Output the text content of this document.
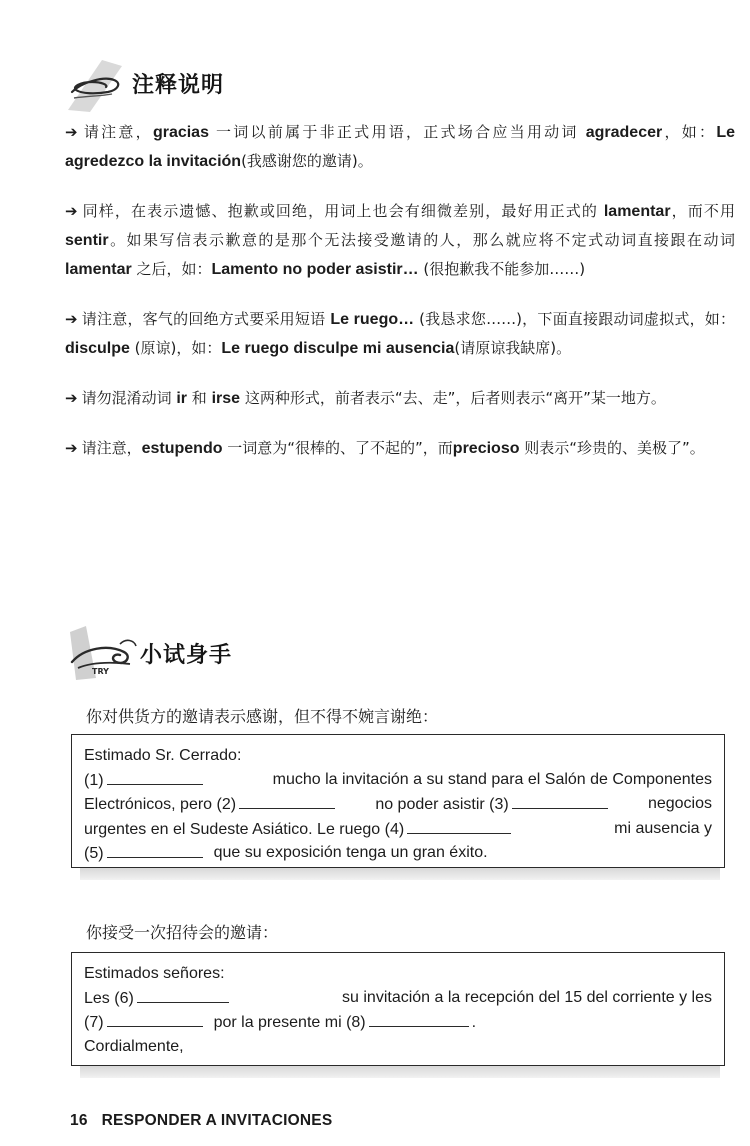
注释说明

➔ 请注意，gracias 一词以前属于非正式用语，正式场合应当用动词 agradecer，如：Le agredezco la invitación(我感谢您的邀请)。

➔ 同样，在表示遗憾、抱歉或回绝，用词上也会有细微差别，最好用正式的 lamentar，而不用sentir。如果写信表示歉意的是那个无法接受邀请的人，那么就应将不定式动词直接跟在动词 lamentar 之后，如：Lamento no poder asistir… (很抱歉我不能参加……)

➔ 请注意，客气的回绝方式要采用短语 Le ruego… (我恳求您……)，下面直接跟动词虚拟式，如：disculpe (原谅)，如：Le ruego disculpe mi ausencia(请原谅我缺席)。

➔ 请勿混淆动词 ir 和 irse 这两种形式，前者表示“去、走”，后者则表示“离开”某一地方。

➔ 请注意，estupendo 一词意为“很棒的、了不起的”，而precioso 则表示“珍贵的、美极了”。

TRY
小试身手
你对供货方的邀请表示感谢，但不得不婉言谢绝：
Estimado Sr. Cerrado:
(1)	mucho la invitación a su stand para el Salón de Componentes
Electrónicos, pero (2)	no poder asistir (3)	negocios
urgentes en el Sudeste Asiático. Le ruego (4)	mi ausencia y
(5)	que su exposición tenga un gran éxito.
你接受一次招待会的邀请：
Estimados señores:
Les (6)	su invitación a la recepción del 15 del corriente y les
(7)	por la presente mi (8)	.
Cordialmente,
16 RESPONDER A INVITACIONES
